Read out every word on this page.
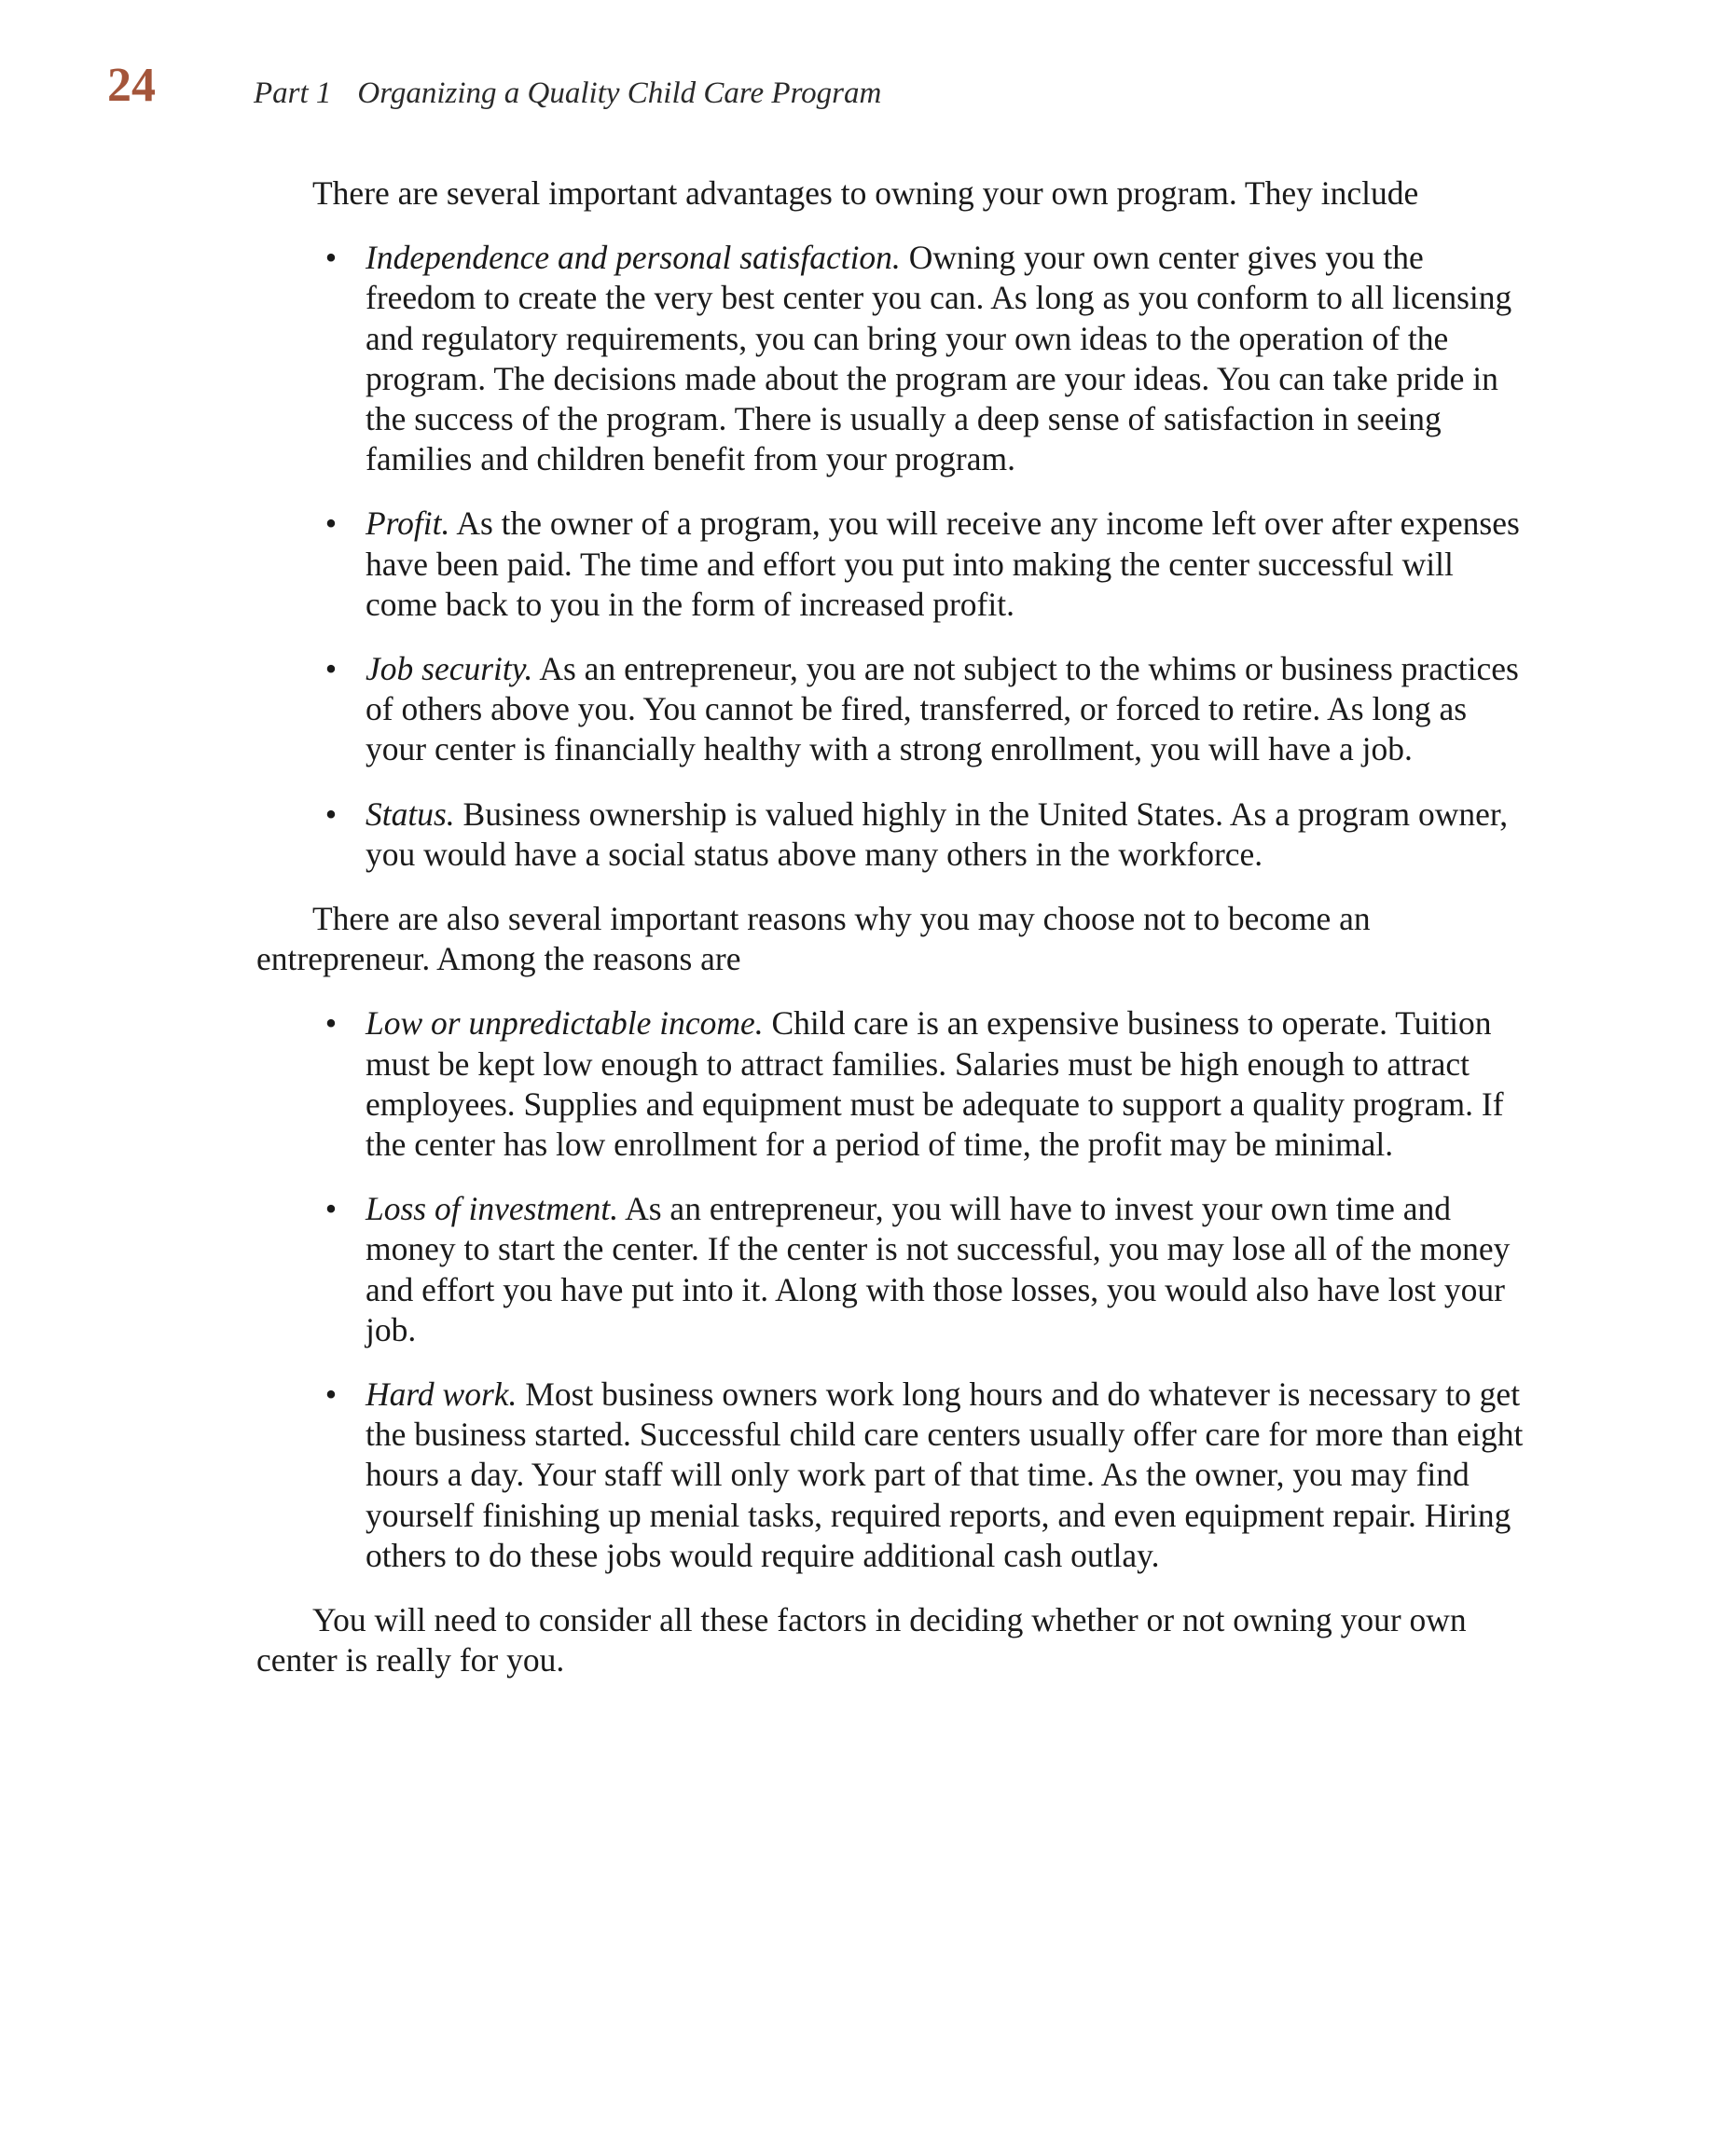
24	Part 1 Organizing a Quality Child Care Program

There are several important advantages to owning your own program. They include

• Independence and personal satisfaction. Owning your own center gives you the freedom to create the very best center you can. As long as you conform to all licensing and regulatory requirements, you can bring your own ideas to the operation of the program. The decisions made about the program are your ideas. You can take pride in the success of the program. There is usually a deep sense of satisfaction in seeing families and children benefit from your program.
• Profit. As the owner of a program, you will receive any income left over after expenses have been paid. The time and effort you put into making the center successful will come back to you in the form of increased profit.
• Job security. As an entrepreneur, you are not subject to the whims or business practices of others above you. You cannot be fired, transferred, or forced to retire. As long as your center is financially healthy with a strong enrollment, you will have a job.
• Status. Business ownership is valued highly in the United States. As a program owner, you would have a social status above many others in the workforce.

There are also several important reasons why you may choose not to become an entrepreneur. Among the reasons are

• Low or unpredictable income. Child care is an expensive business to operate. Tuition must be kept low enough to attract families. Salaries must be high enough to attract employees. Supplies and equipment must be adequate to support a quality program. If the center has low enrollment for a period of time, the profit may be minimal.
• Loss of investment. As an entrepreneur, you will have to invest your own time and money to start the center. If the center is not successful, you may lose all of the money and effort you have put into it. Along with those losses, you would also have lost your job.
• Hard work. Most business owners work long hours and do whatever is necessary to get the business started. Successful child care centers usually offer care for more than eight hours a day. Your staff will only work part of that time. As the owner, you may find yourself finishing up menial tasks, required reports, and even equipment repair. Hiring others to do these jobs would require additional cash outlay.

You will need to consider all these factors in deciding whether or not owning your own center is really for you.
